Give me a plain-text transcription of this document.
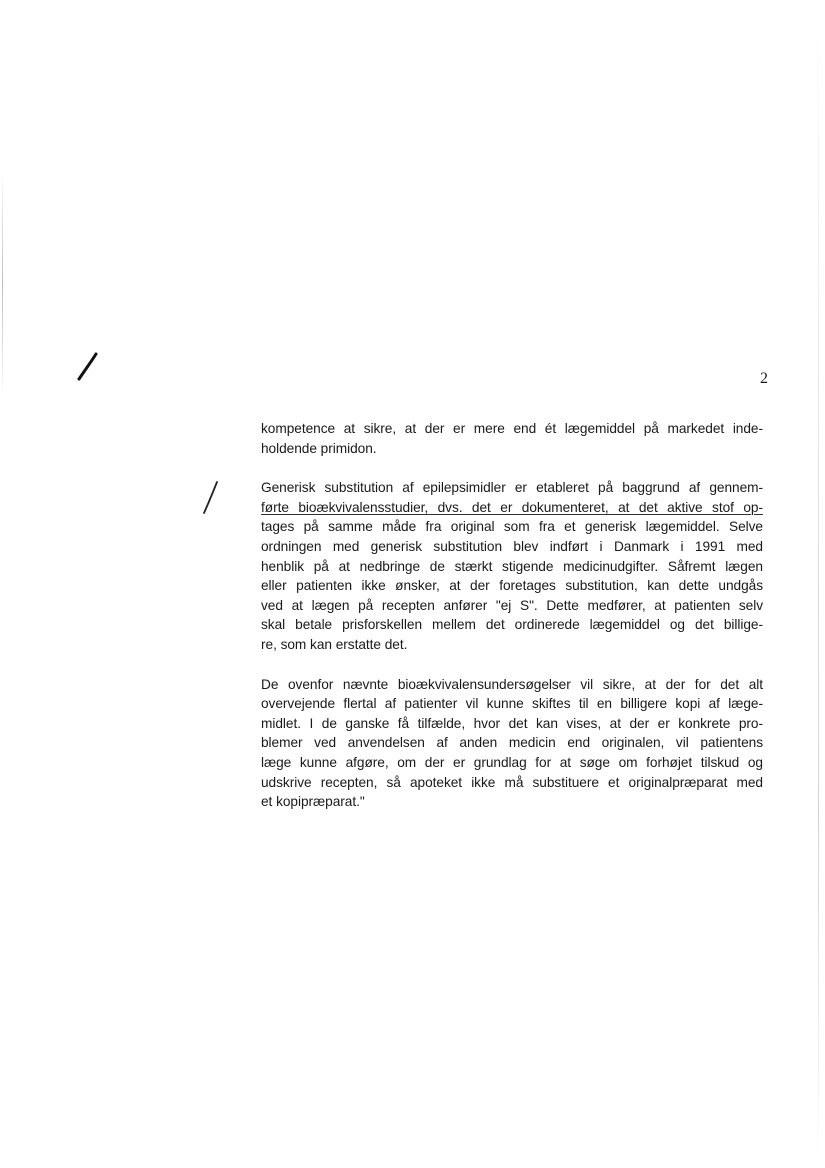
2
kompetence at sikre, at der er mere end ét lægemiddel på markedet inde-
holdende primidon.
Generisk substitution af epilepsimidler er etableret på baggrund af gennem-
førte bioækvivalensstudier, dvs. det er dokumenteret, at det aktive stof op-
tages på samme måde fra original som fra et generisk lægemiddel. Selve
ordningen med generisk substitution blev indført i Danmark i 1991 med
henblik på at nedbringe de stærkt stigende medicinudgifter. Såfremt lægen
eller patienten ikke ønsker, at der foretages substitution, kan dette undgås
ved at lægen på recepten anfører "ej S". Dette medfører, at patienten selv
skal betale prisforskellen mellem det ordinerede lægemiddel og det billige-
re, som kan erstatte det.
De ovenfor nævnte bioækvivalensundersøgelser vil sikre, at der for det alt
overvejende flertal af patienter vil kunne skiftes til en billigere kopi af læge-
midlet. I de ganske få tilfælde, hvor det kan vises, at der er konkrete pro-
blemer ved anvendelsen af anden medicin end originalen, vil patientens
læge kunne afgøre, om der er grundlag for at søge om forhøjet tilskud og
udskrive recepten, så apoteket ikke må substituere et originalpræparat med
et kopipræparat."
